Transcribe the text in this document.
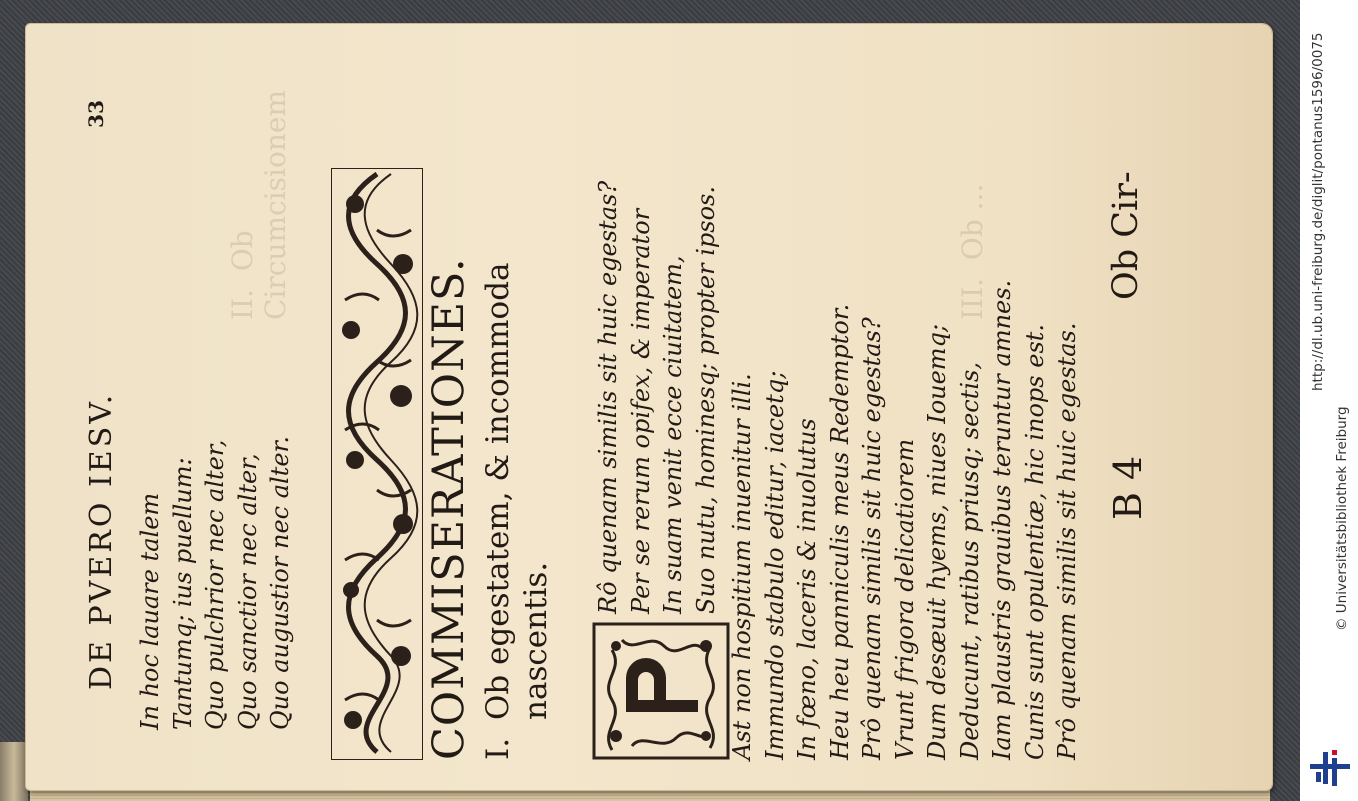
II.  Ob Circumcisionem	III.  Ob ...
DE PVERO IESV.
33
In hoc lauare talem Tantumq; ius puellum: Quo pulchrior nec alter, Quo sanctior nec alter, Quo augustior nec alter.	COMMISERATIONES. I.Ob egestatem, & incommoda
nascentis.
Rô quenam similis sit huic egestas? Per se rerum opifex, & imperator In suam venit ecce ciuitatem, Suo nutu, hominesq; propter ipsos. Ast non hospitium inuenitur illi. Immundo stabulo editur, iacetq; In fœno, laceris & inuolutus Heu heu panniculis meus Redemptor. Prô quenam similis sit huic egestas? Vrunt frigora delicatiorem Dum desæuit hyems, niues Iouemq; Deducunt, ratibus priusq; sectis, Iam plaustris grauibus teruntur amnes. Cunis sunt opulentiæ, hic inops est. Prô quenam similis sit huic egestas. B 4
Ob Cir-	http://dl.ub.uni-freiburg.de/diglit/pontanus1596/0075
© Universitätsbibliothek Freiburg
